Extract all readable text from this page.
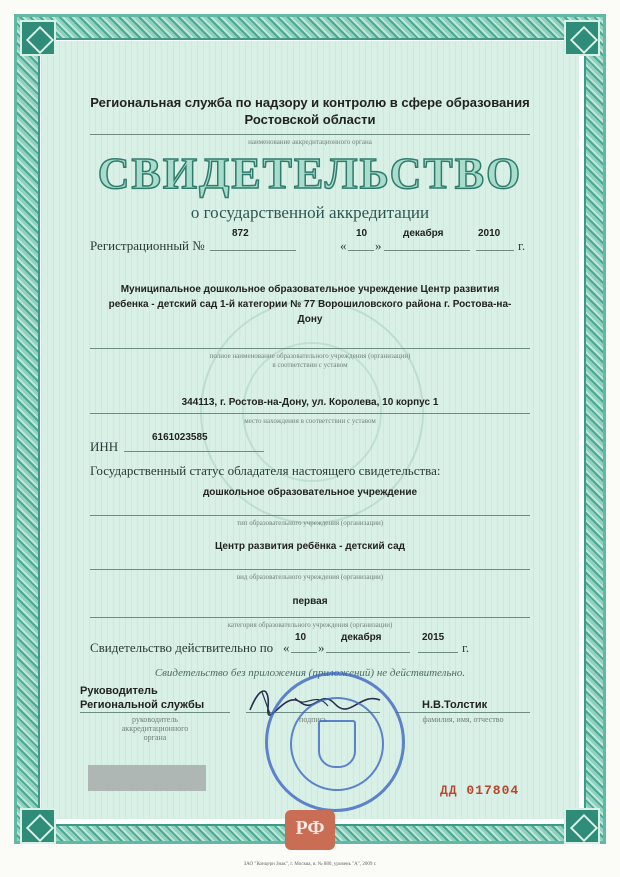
Региональная служба по надзору и контролю в сфере образования
Ростовской области
наименование аккредитационного органа
СВИДЕТЕЛЬСТВО
о государственной аккредитации
Регистрационный №
872
«
10
»
декабря	2010
г.
Муниципальное дошкольное образовательное учреждение Центр развития
ребенка - детский сад 1-й категории № 77 Ворошиловского района г. Ростова-на-
Дону
полное наименование образовательного учреждения (организации)
в соответствии с уставом
344113, г. Ростов-на-Дону, ул. Королева, 10 корпус 1
место нахождения в соответствии с уставом
ИНН
6161023585
Государственный статус обладателя настоящего свидетельства:
дошкольное образовательное учреждение
тип образовательного учреждения (организации)
Центр развития ребёнка - детский сад
вид образовательного учреждения (организации)
первая
категория образовательного учреждения (организации)
Свидетельство действительно по «
10
»
декабря	2015
г.
Свидетельство без приложения (приложений) не действительно.
Руководитель
Региональной службы	Н.В.Толстик
руководитель
аккредитационного
органа
подпись	фамилия, имя, отчество
ДД 017804
РФ
ЗАО "Концерн Знак", г. Москва, в. № 880, уровень "А", 2009 г.
